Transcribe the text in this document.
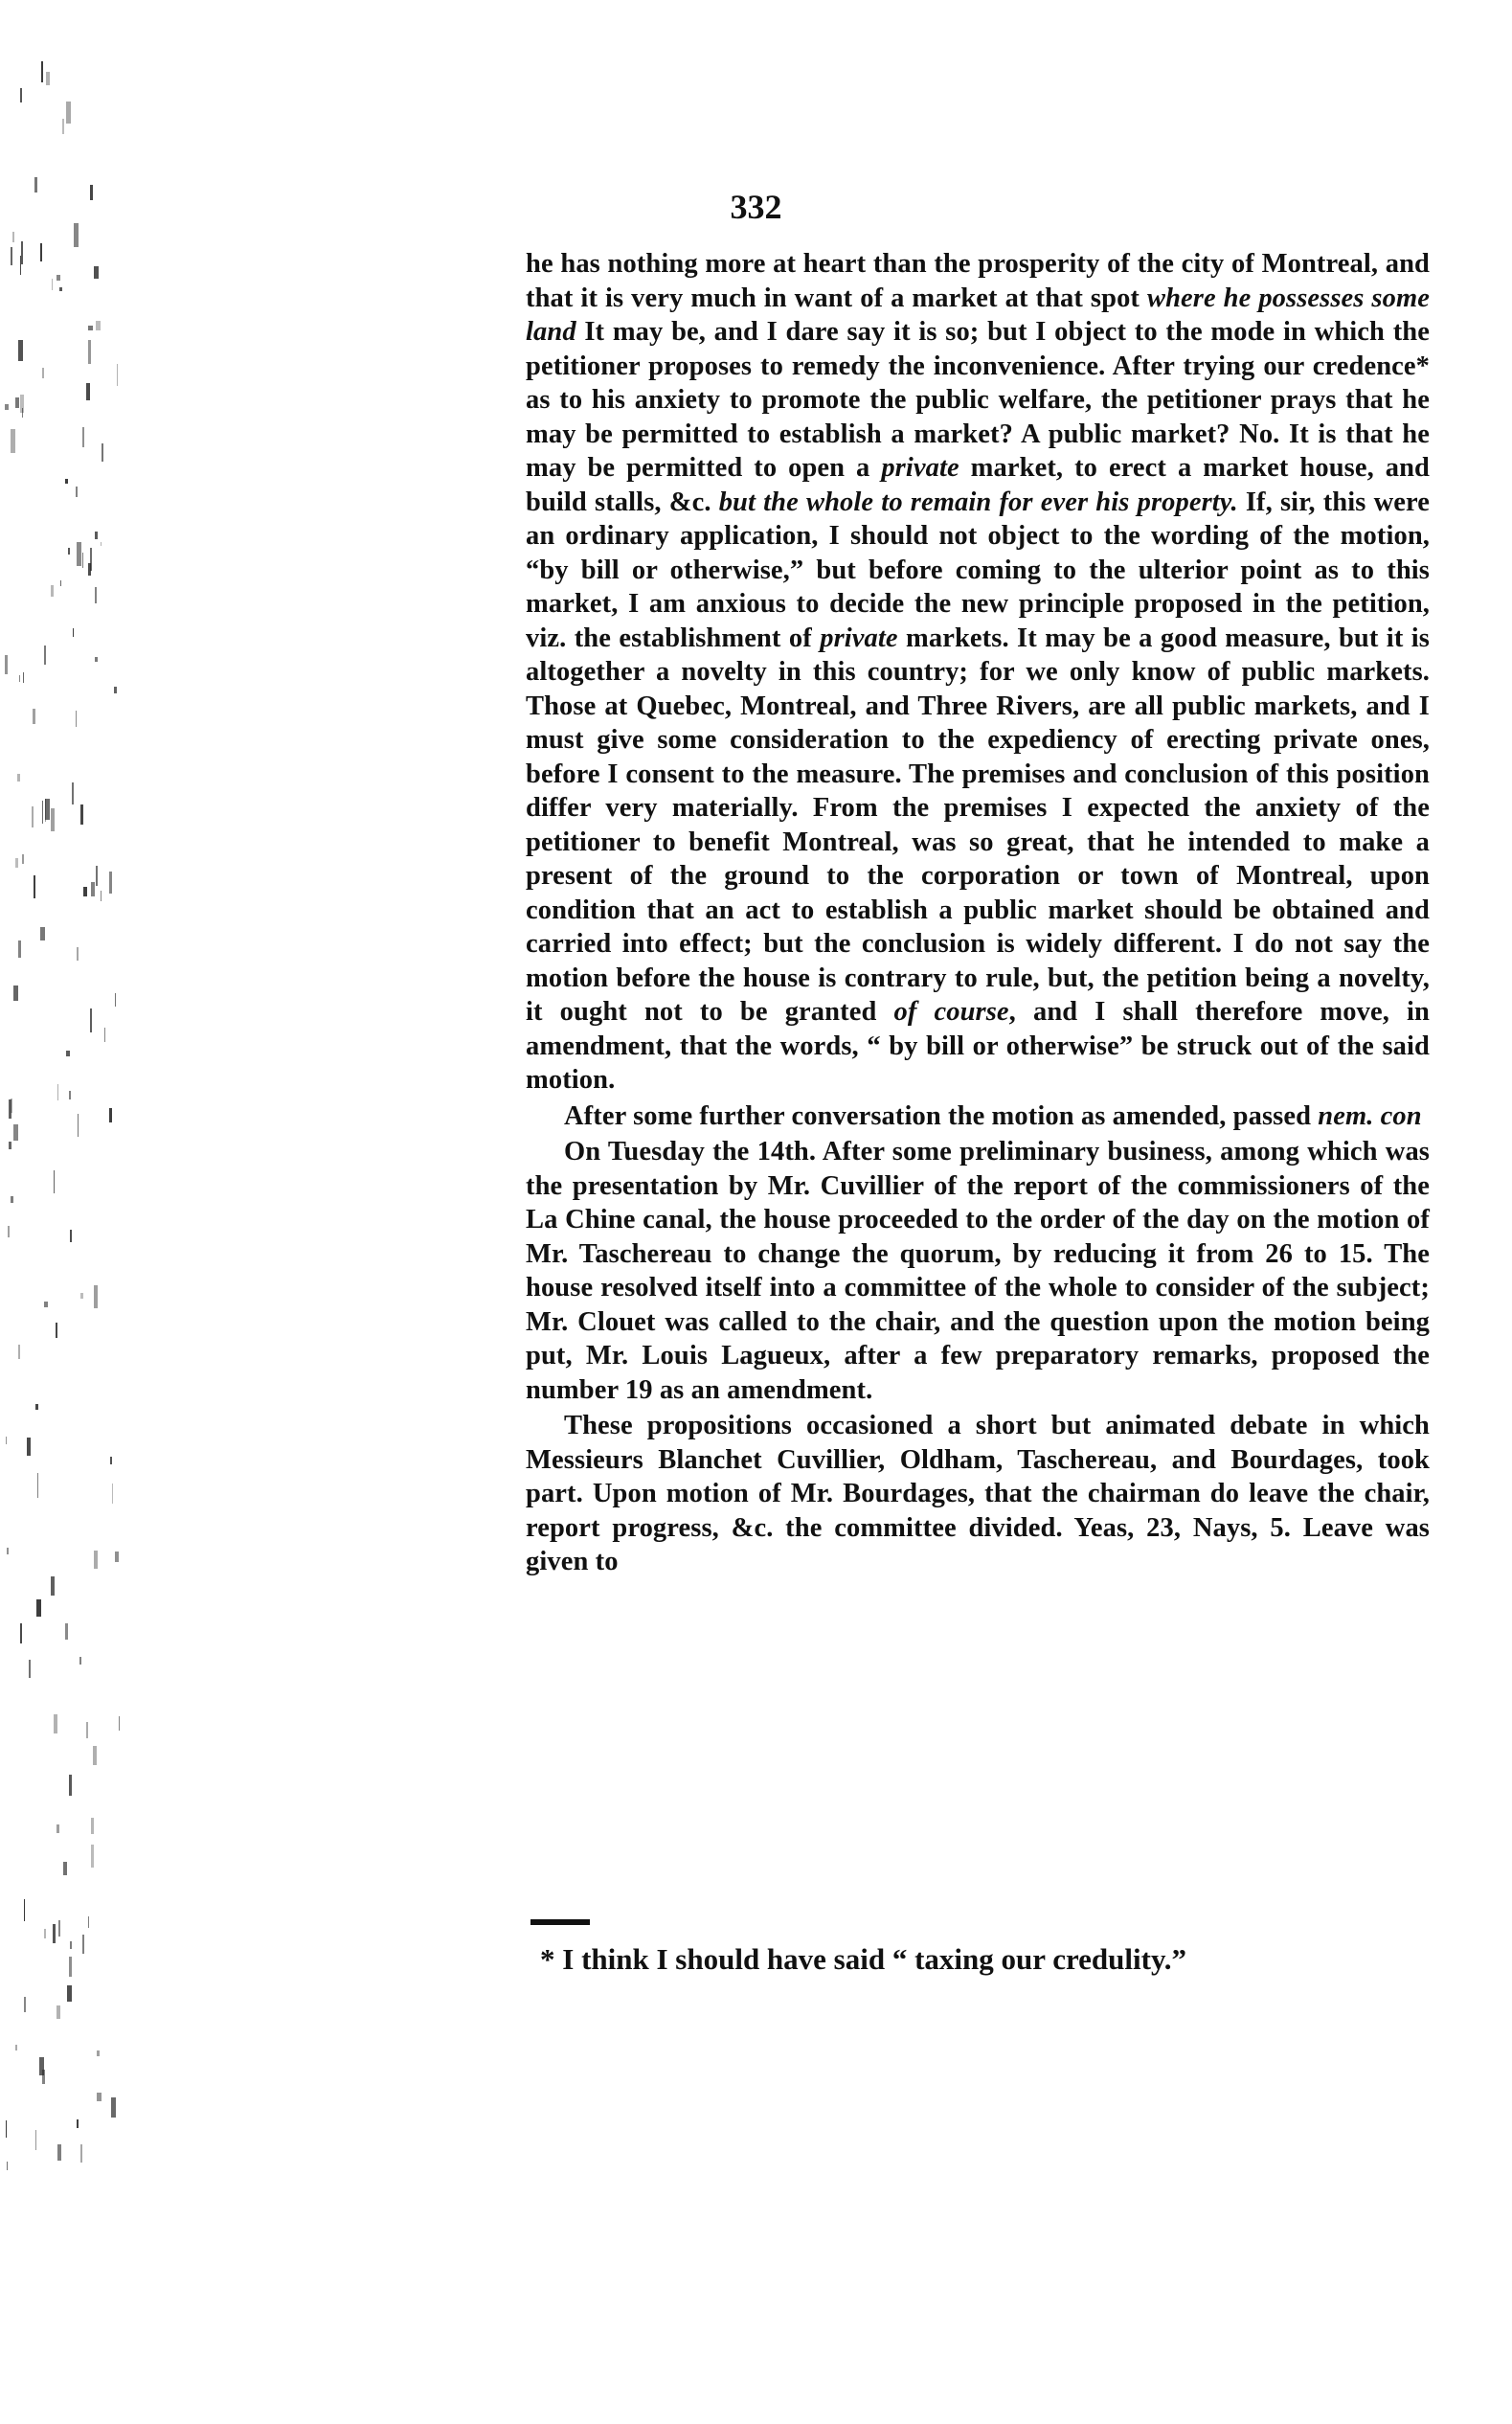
332

he has nothing more at heart than the prosperity of the city of Montreal, and that it is very much in want of a market at that spot where he possesses some land It may be, and I dare say it is so; but I object to the mode in which the petitioner proposes to remedy the inconvenience. After trying our credence* as to his anxiety to promote the public welfare, the petitioner prays that he may be permitted to establish a market? A public market? No. It is that he may be permitted to open a private market, to erect a market house, and build stalls, &c. but the whole to remain for ever his property. If, sir, this were an ordinary application, I should not object to the wording of the motion, “by bill or otherwise,” but before coming to the ulterior point as to this market, I am anxious to decide the new principle proposed in the petition, viz. the establishment of private markets. It may be a good measure, but it is altogether a novelty in this country; for we only know of public markets. Those at Quebec, Montreal, and Three Rivers, are all public markets, and I must give some consideration to the expediency of erecting private ones, before I consent to the measure. The premises and conclusion of this position differ very materially. From the premises I expected the anxiety of the petitioner to benefit Montreal, was so great, that he intended to make a present of the ground to the corporation or town of Montreal, upon condition that an act to establish a public market should be obtained and carried into effect; but the conclusion is widely different. I do not say the motion before the house is contrary to rule, but, the petition being a novelty, it ought not to be granted of course, and I shall therefore move, in amendment, that the words, “ by bill or otherwise” be struck out of the said motion.

After some further conversation the motion as amended, passed nem. con

On Tuesday the 14th. After some preliminary business, among which was the presentation by Mr. Cuvillier of the report of the commissioners of the La Chine canal, the house proceeded to the order of the day on the motion of Mr. Taschereau to change the quorum, by reducing it from 26 to 15. The house resolved itself into a committee of the whole to consider of the subject; Mr. Clouet was called to the chair, and the question upon the motion being put, Mr. Louis Lagueux, after a few preparatory remarks, proposed the number 19 as an amendment.

These propositions occasioned a short but animated debate in which Messieurs Blanchet Cuvillier, Oldham, Taschereau, and Bourdages, took part. Upon motion of Mr. Bourdages, that the chairman do leave the chair, report progress, &c. the committee divided. Yeas, 23, Nays, 5. Leave was given to

* I think I should have said “ taxing our credulity.”
